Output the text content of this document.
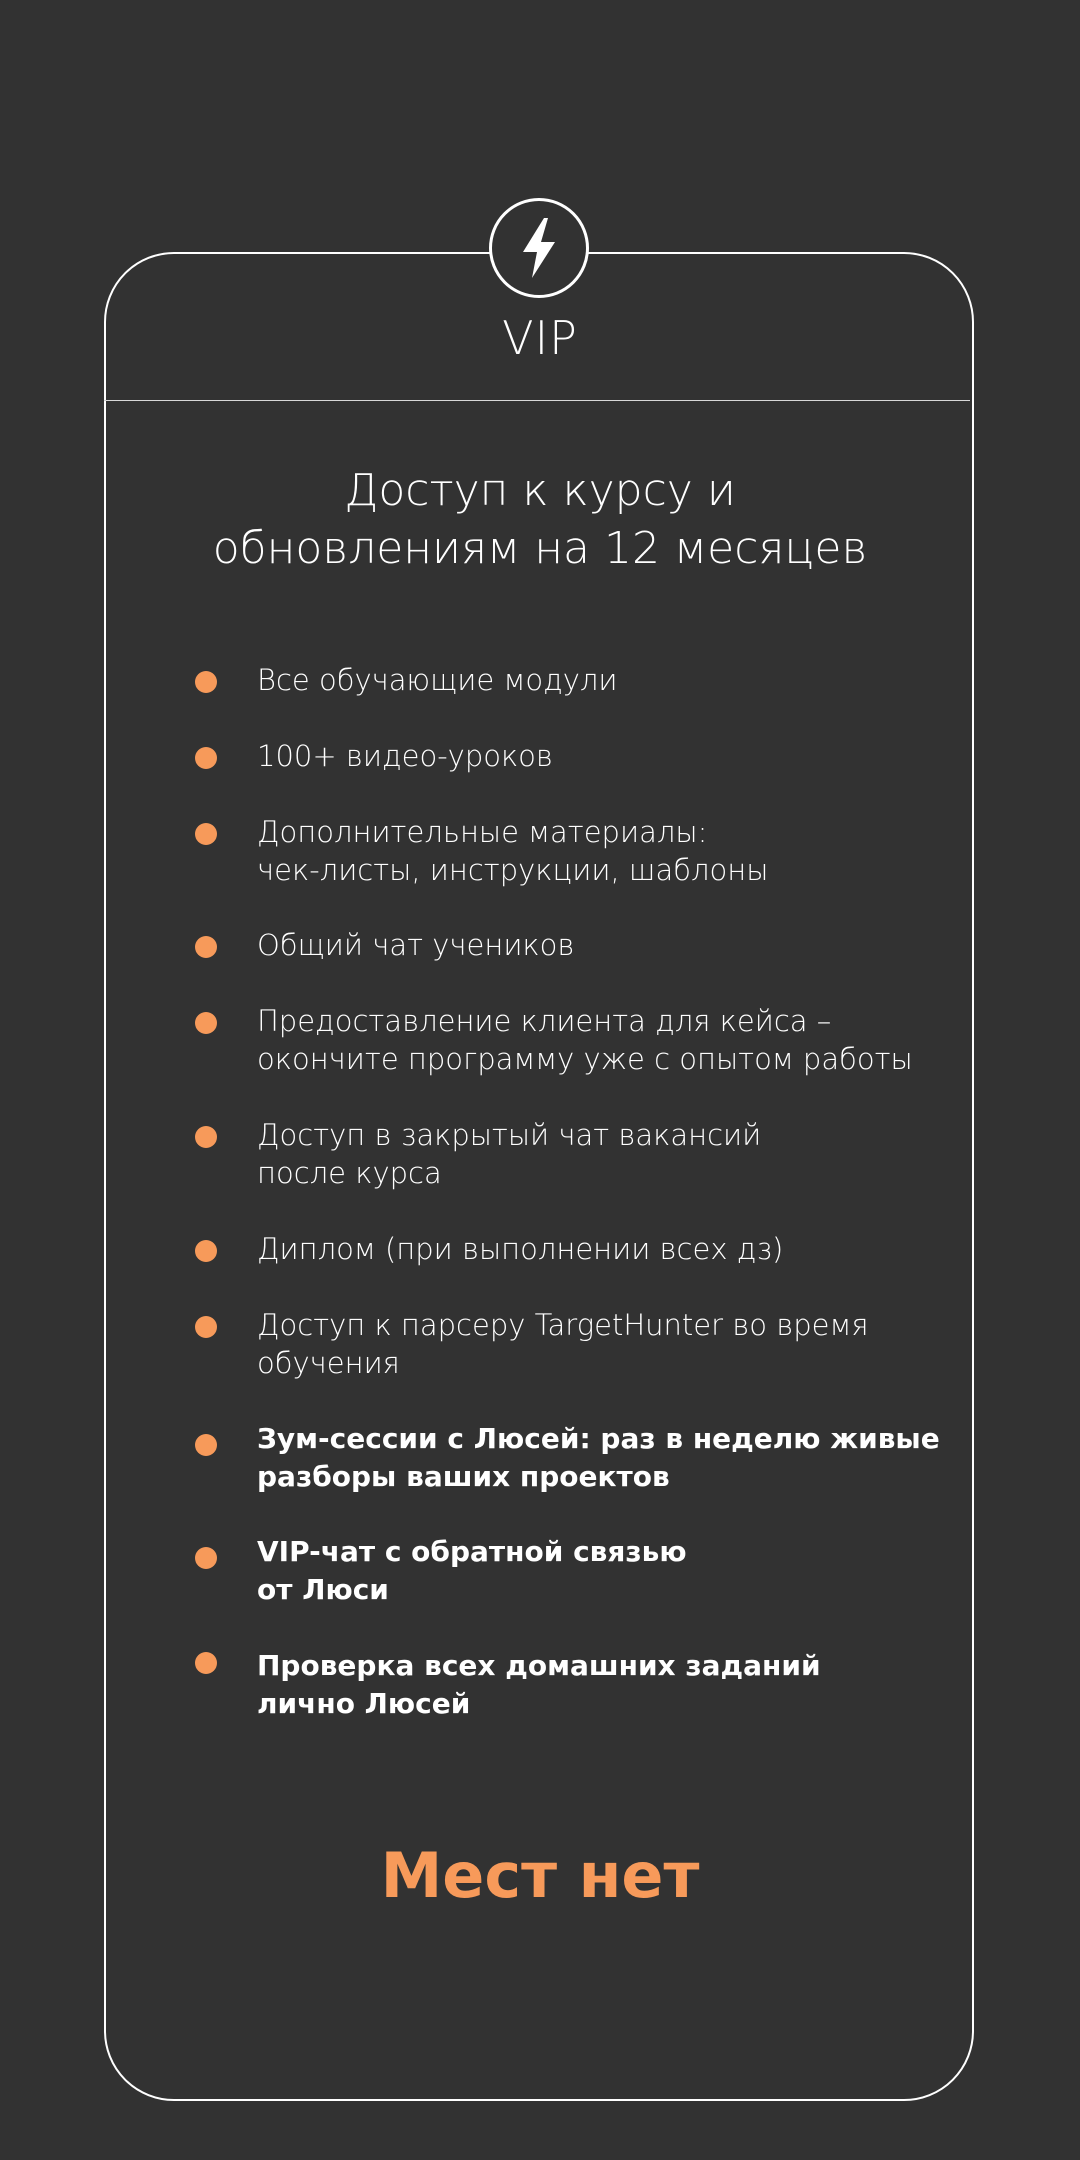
VIP
Доступ к курсу и
обновлениям на 12 месяцев
Все обучающие модули
100+ видео-уроков
Дополнительные материалы:
чек-листы, инструкции, шаблоны
Общий чат учеников
Предоставление клиента для кейса –
окончите программу уже с опытом работы
Доступ в закрытый чат вакансий
после курса
Диплом (при выполнении всех дз)
Доступ к парсеру TargetHunter во время
обучения
Зум-сессии с Люсей: раз в неделю живые
разборы ваших проектов
VIP-чат с обратной связью
от Люси
Проверка всех домашних заданий
лично Люсей
Мест нет
